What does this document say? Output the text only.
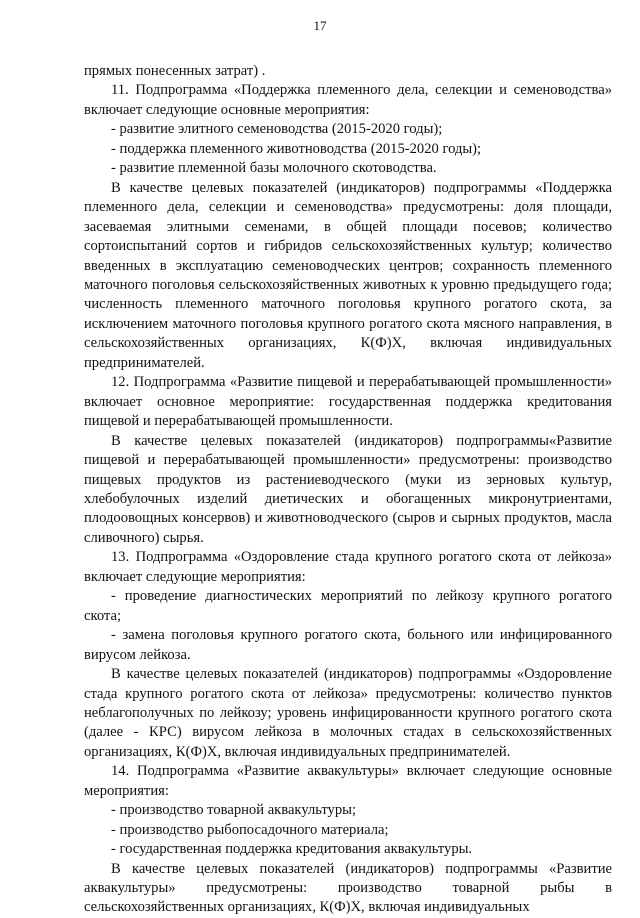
17

прямых понесенных затрат) .

11. Подпрограмма «Поддержка племенного дела, селекции и семеноводства» включает следующие основные мероприятия:

- развитие элитного семеноводства (2015-2020 годы);

- поддержка племенного животноводства (2015-2020 годы);

- развитие племенной базы молочного скотоводства.

В качестве целевых показателей (индикаторов) подпрограммы «Поддержка племенного дела, селекции и семеноводства» предусмотрены: доля площади, засеваемая элитными семенами, в общей площади посевов; количество сортоиспытаний сортов и гибридов сельскохозяйственных культур; количество введенных в эксплуатацию семеноводческих центров; сохранность племенного маточного поголовья сельскохозяйственных животных к уровню предыдущего года; численность племенного маточного поголовья крупного рогатого скота, за исключением маточного поголовья крупного рогатого скота мясного направления, в сельскохозяйственных организациях, К(Ф)Х, включая индивидуальных предпринимателей.

12. Подпрограмма «Развитие пищевой и перерабатывающей промышленности» включает основное мероприятие: государственная поддержка кредитования пищевой и перерабатывающей промышленности.

В качестве целевых показателей (индикаторов) подпрограммы«Развитие пищевой и перерабатывающей промышленности» предусмотрены: производство пищевых продуктов из растениеводческого (муки из зерновых культур, хлебобулочных изделий диетических и обогащенных микронутриентами, плодоовощных консервов) и животноводческого (сыров и сырных продуктов, масла сливочного) сырья.

13. Подпрограмма «Оздоровление стада крупного рогатого скота от лейкоза» включает следующие мероприятия:

- проведение диагностических мероприятий по лейкозу крупного рогатого скота;

- замена поголовья крупного рогатого скота, больного или инфицированного вирусом лейкоза.

В качестве целевых показателей (индикаторов) подпрограммы «Оздоровление стада крупного рогатого скота от лейкоза» предусмотрены: количество пунктов неблагополучных по лейкозу; уровень инфицированности крупного рогатого скота (далее - КРС) вирусом лейкоза в молочных стадах в сельскохозяйственных организациях, К(Ф)Х, включая индивидуальных предпринимателей.

14. Подпрограмма «Развитие аквакультуры» включает следующие основные мероприятия:

- производство товарной аквакультуры;

- производство рыбопосадочного материала;

- государственная поддержка кредитования аквакультуры.

В качестве целевых показателей (индикаторов) подпрограммы «Развитие аквакультуры» предусмотрены: производство товарной рыбы в сельскохозяйственных организациях, К(Ф)Х, включая индивидуальных
